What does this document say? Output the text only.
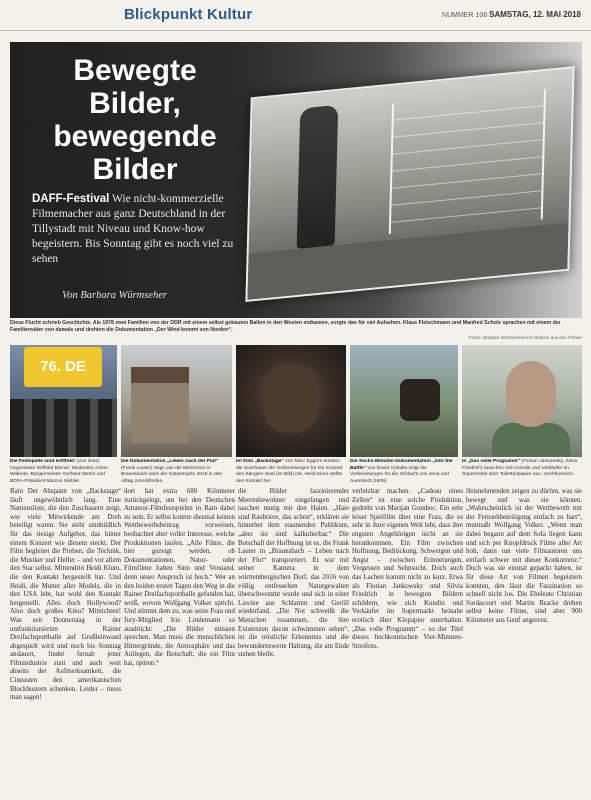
Blickpunkt Kultur	NUMMER 108 SAMSTAG, 12. MAI 2018
Bewegte Bilder, bewegende Bilder
DAFF-Festival Wie nicht-kommerzielle Filmemacher aus ganz Deutschland in der Tillystadt mit Niveau und Know-how begeistern. Bis Sonntag gibt es noch viel zu sehen
Von Barbara Würmseher
Diese Flucht schrieb Geschichte. Als 1978 zwei Familien von der DDR mit einem selbst gebauten Ballon in den Westen entkamen, sorgte das für viel Aufsehen. Klaus Fleischmann und Manfred Scholz sprachen mit einem der Familienväter von damals und drehten die Dokumentation „Der Wind kommt von Norden“.
Fotos: Barbara Würmseher/mit Motiven aus den Filmen
76. DE
Die Festspiele sind eröffnet: (von links) Organisator Wilfried Berner, Moderator Anton Walbner, Bürgermeister Gerhard Martin und BDFA-Präsident Marcus Siebler.
Die Dokumentation „Leben nach der Flut“ (Frank Lauter) zeigt, wie die Menschen in Braunsbach nach der Katastrophe 2016 in den Alltag zurückfinden.
Im Film „Backstage“ von Marc Eggers erleben die Zuschauer die Vorbereitungen für ein Konzert des Sängers Seal (im Bild) mit. Heidi Klum stellte den Kontakt her.
Die Sechs-Minuten-Dokumentation „Into the Battle“ von David Cebulla zeigt die Vorbereitungen für die Schlacht von Jena und Auerstedt (1806).
In „Das volle Programm“ (Florian Jankowsky, Silvia Friedrich) tauschen sich Kundin und Verkäufer im Supermarkt über Toilettenpapier aus. Hochkomisch.
Rain Der Abspann von „Backstage“ läuft ungewöhnlich lang. Eine Namensliste, die den Zuschauern zeigt, wie viele Mitwirkende am Dreh beteiligt waren. Sie steht sinnbildlich für das riesige Aufgebot, das hinter einem Konzert wie diesem steckt. Der Film begleitet die Proben, die Technik, die Musiker und Helfer – und vor allem den Star selbst. Mittendrin Heidi Klum, die den Kontakt hergestellt hat. Und Heidi, die Mutter aller Models, die in den USA lebt, hat wohl den Kontakt hergestellt. Alles doch Hollywood? Also doch großes Kino? Mitnichten! Was seit Donnerstag in der umfunktionierten Rainer Dreifachsportballe auf Großleinwand abgespielt wird und noch bis Sonntag andauert, findet fernab jener Filmindustrie statt und auch weit abseits der Aufmerksamkeit, die Cineasten den amerikanischen Blockbustern schenken. Leider – muss man sagen!
dort hat extra 680 Kilometer zurückgelegt, um bei den Deutschen Amateur-Filmfestspielen in Rain dabei zu sein. Er selbst konnte diesmal keinen Wettbewerbsbeitrag vorweisen, beobachtet aber voller Interesse, welche Produktionen laufen. „Alle Filme, die hier gezeigt werden, ob Dokumentationen, Natur- oder Filmfilme haben Sinn und Verstand, denn unser Anspruch ist hoch.“ Wer an den beiden ersten Tagen den Weg in die Rainer Dreifachsportballe gefunden hat, weiß, wovon Wolfgang Volker spricht. Und stimmt dem zu, was seine Frau und Jury-Mitglied Iris Lindemann so ausdrückt: „Die Bilder müssen sprechen. Man muss die menschlichen Hintergründe, die Atmosphäre und das Anliegen, die Botschaft, die ein Film hat, spüren.“
die Bilder faszinierender Meeresbewohner eingefangen und tauchen mutig mit den Haien. „Haie sind Raubtiere, das schon“, erklären sie hinterher dem staunenden Publikum, „aber sie sind kalkulierbar.“ Die Botschaft der Hoffnung ist es, die Frank Lauter in „Braunsbach – Leben nach der Flut“ transportiert. Er war mit seiner Kamera in dem württembergischen Dorf, das 2016 von völlig entfesselten Naturgewalten überschwemmt wurde und sich in einer Lawine aus Schlamm und Geröll wiederfand. „Die Not schweißt die Menschen zusammen, die ihre Existenzen davon schwimmen sehen“, ist die tröstliche Erkenntnis und die bewundernswerte Haltung, die am Ende stehen bleibt.
verletzbar machen. „Cadeau eines Zellen“ ist eine solche Produktion, gedreht von Marijan Gomboc. Ein sehr leiser Spielfilm über eine Frau, die so sehr in ihrer eigenen Welt lebt, dass ihre engsten Angehörigen nicht an sie herankommen. Ein Film zwischen Hoffnung, Bedrückung, Schweigen und Angst – zwischen Erinnerungen, Vergessen und Sehnsucht. Doch auch das Lachen kommt nicht zu kurz. Etwa als Florian Jankowsky und Silvia Friedrich in bewegten Bildern schildern, wie sich Kundin und Verkäufer im Supermarkt beinahe erotisch über Klopapier unterhalten. „Das volle Programm“ – so der Titel dieses hochkomischen Vier-Minuten-Streifens.
fleisnehmenden zeigen zu dürfen, was sie bewegt und was sie können. „Wahrscheinlich ist der Wettbewerb mit der Fernsehbeteiligung einfach zu hart“, mutmaßt Wolfgang Volker. „Wenn man dabei begann auf dem Sofa liegen kann und sich per Knopfdruck Filme aller Art holt, dann tun viele Filmautoren uns einfach schwer mit dieser Konkurrenz.“ Doch was sie einmal gepackt haben, ist für diese Art von Filmen begeistern konnten, den lässt die Faszination so schnell nicht los. Die Eheleute Christian Sordacourt und Martin Bracke drehen selbst keine Filme, sind aber 900 Kilometer aus Genf angereist.
